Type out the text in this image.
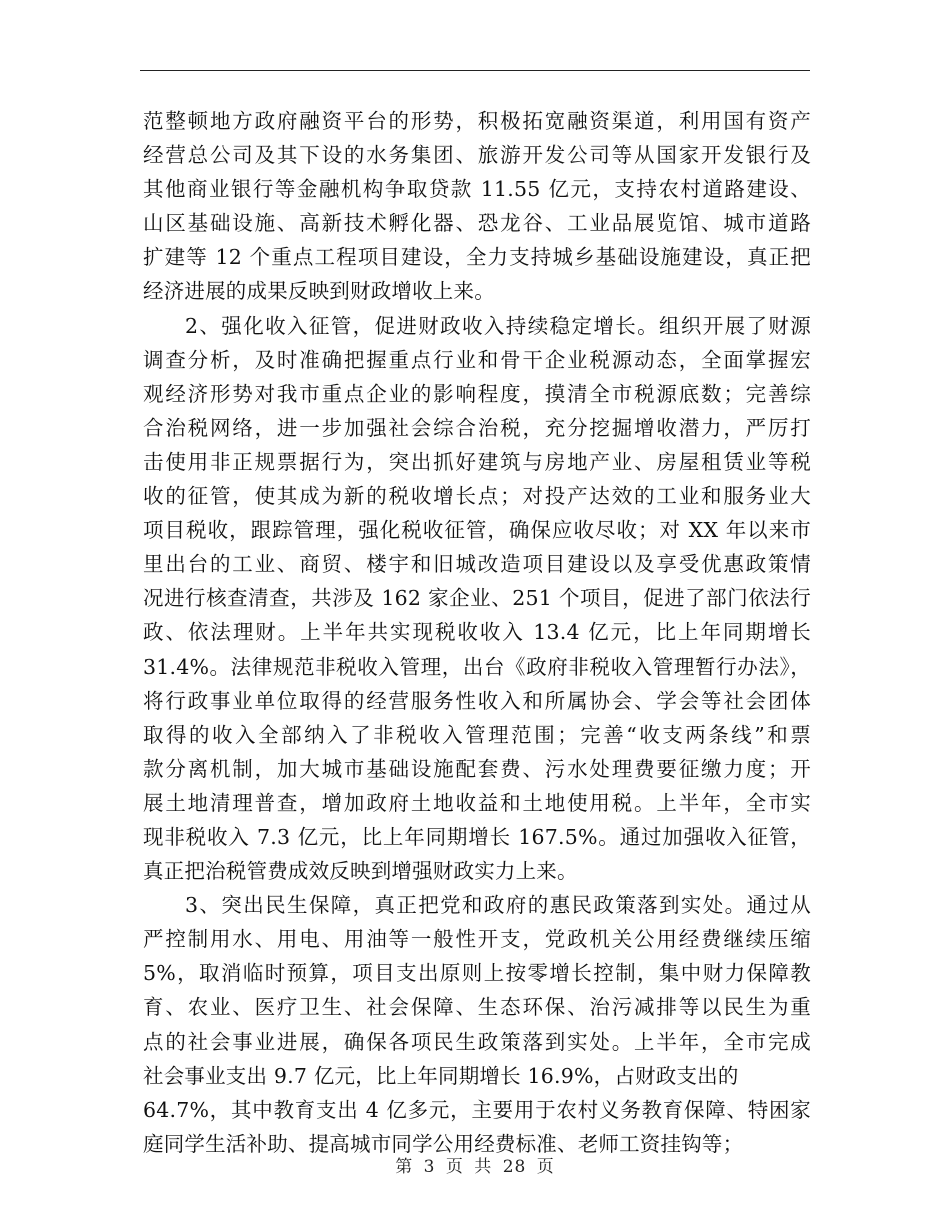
范整顿地方政府融资平台的形势，积极拓宽融资渠道，利用国有资产
经营总公司及其下设的水务集团、旅游开发公司等从国家开发银行及
其他商业银行等金融机构争取贷款 11.55 亿元，支持农村道路建设、
山区基础设施、高新技术孵化器、恐龙谷、工业品展览馆、城市道路
扩建等 12 个重点工程项目建设，全力支持城乡基础设施建设，真正把
经济进展的成果反映到财政增收上来。
2、强化收入征管，促进财政收入持续稳定增长。组织开展了财源
调查分析，及时准确把握重点行业和骨干企业税源动态，全面掌握宏
观经济形势对我市重点企业的影响程度，摸清全市税源底数；完善综
合治税网络，进一步加强社会综合治税，充分挖掘增收潜力，严厉打
击使用非正规票据行为，突出抓好建筑与房地产业、房屋租赁业等税
收的征管，使其成为新的税收增长点；对投产达效的工业和服务业大
项目税收，跟踪管理，强化税收征管，确保应收尽收；对 XX 年以来市
里出台的工业、商贸、楼宇和旧城改造项目建设以及享受优惠政策情
况进行核查清查，共涉及 162 家企业、251 个项目，促进了部门依法行
政、依法理财。上半年共实现税收收入 13.4 亿元，比上年同期增长
31.4%。法律规范非税收入管理，出台《政府非税收入管理暂行办法》，
将行政事业单位取得的经营服务性收入和所属协会、学会等社会团体
取得的收入全部纳入了非税收入管理范围；完善“收支两条线”和票
款分离机制，加大城市基础设施配套费、污水处理费要征缴力度；开
展土地清理普查，增加政府土地收益和土地使用税。上半年，全市实
现非税收入 7.3 亿元，比上年同期增长 167.5%。通过加强收入征管，
真正把治税管费成效反映到增强财政实力上来。
3、突出民生保障，真正把党和政府的惠民政策落到实处。通过从
严控制用水、用电、用油等一般性开支，党政机关公用经费继续压缩
5%，取消临时预算，项目支出原则上按零增长控制，集中财力保障教
育、农业、医疗卫生、社会保障、生态环保、治污减排等以民生为重
点的社会事业进展，确保各项民生政策落到实处。上半年，全市完成
社会事业支出 9.7 亿元，比上年同期增长 16.9%，占财政支出的
64.7%，其中教育支出 4 亿多元，主要用于农村义务教育保障、特困家
庭同学生活补助、提高城市同学公用经费标准、老师工资挂钩等；
第 3 页 共 28 页
